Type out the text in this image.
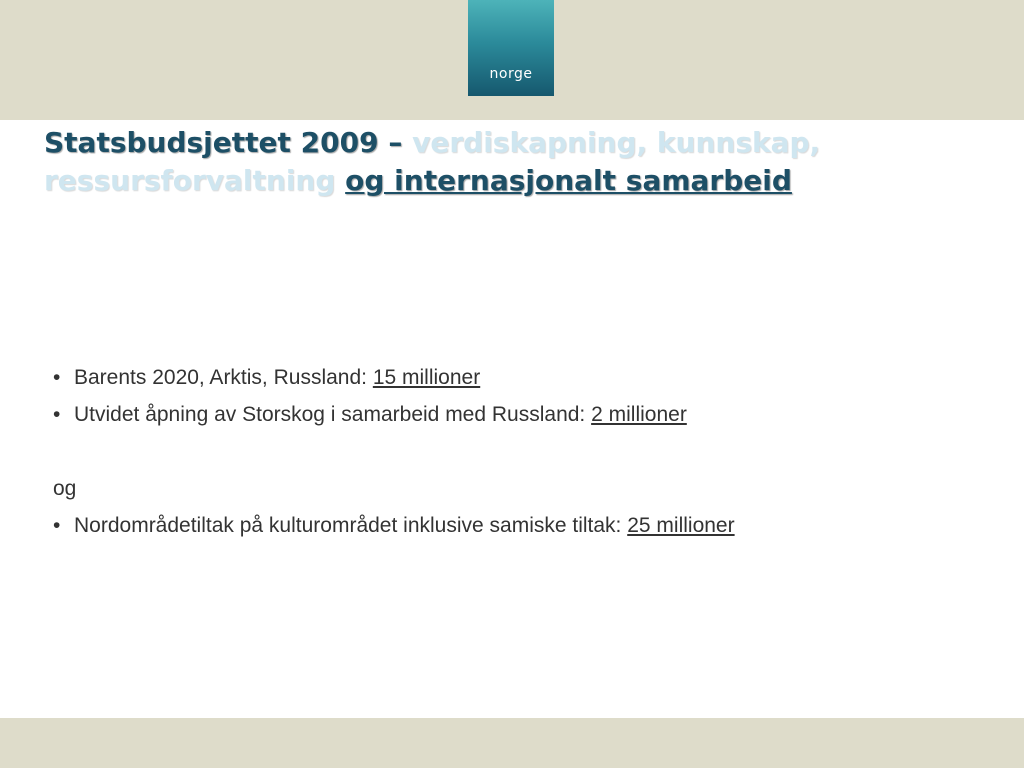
norge
Statsbudsjettet 2009 – verdiskapning, kunnskap, ressursforvaltning og internasjonalt samarbeid
• Barents 2020, Arktis, Russland: 15 millioner
• Utvidet åpning av Storskog i samarbeid med Russland: 2 millioner
og
• Nordområdetiltak på kulturområdet inklusive samiske tiltak: 25 millioner
